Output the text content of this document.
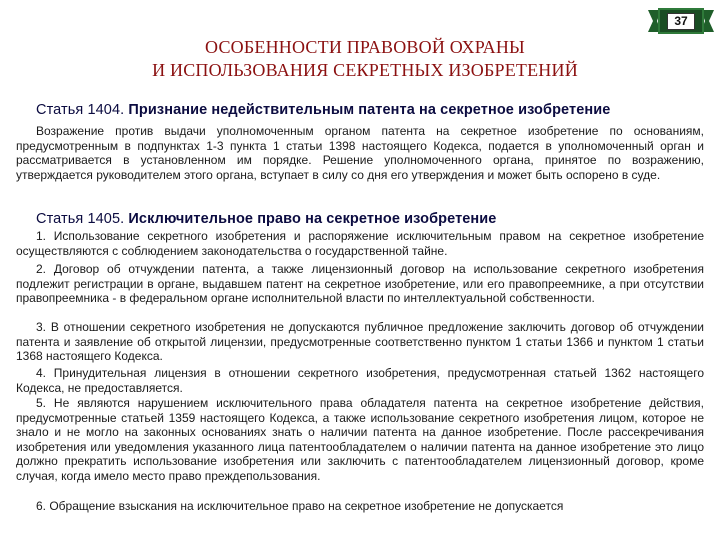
37
ОСОБЕННОСТИ ПРАВОВОЙ ОХРАНЫ
И ИСПОЛЬЗОВАНИЯ СЕКРЕТНЫХ ИЗОБРЕТЕНИЙ
Статья 1404. Признание недействительным патента на секретное изобретение

Возражение против выдачи уполномоченным органом патента на секретное изобретение по основаниям, предусмотренным в подпунктах 1-3 пункта 1 статьи 1398 настоящего Кодекса, подается в уполномоченный орган и рассматривается в установленном им порядке. Решение уполномоченного органа, принятое по возражению, утверждается руководителем этого органа, вступает в силу со дня его утверждения и может быть оспорено в суде.

Статья 1405. Исключительное право на секретное изобретение

1. Использование секретного изобретения и распоряжение исключительным правом на секретное изобретение осуществляются с соблюдением законодательства о государственной тайне.

2. Договор об отчуждении патента, а также лицензионный договор на использование секретного изобретения подлежит регистрации в органе, выдавшем патент на секретное изобретение, или его правопреемнике, а при отсутствии правопреемника - в федеральном органе исполнительной власти по интеллектуальной собственности.

3. В отношении секретного изобретения не допускаются публичное предложение заключить договор об отчуждении патента и заявление об открытой лицензии, предусмотренные соответственно пунктом 1 статьи 1366 и пунктом 1 статьи 1368 настоящего Кодекса.

4. Принудительная лицензия в отношении секретного изобретения, предусмотренная статьей 1362 настоящего Кодекса, не предоставляется.

5. Не являются нарушением исключительного права обладателя патента на секретное изобретение действия, предусмотренные статьей 1359 настоящего Кодекса, а также использование секретного изобретения лицом, которое не знало и не могло на законных основаниях знать о наличии патента на данное изобретение. После рассекречивания изобретения или уведомления указанного лица патентообладателем о наличии патента на данное изобретение это лицо должно прекратить использование изобретения или заключить с патентообладателем лицензионный договор, кроме случая, когда имело место право преждепользования.

6. Обращение взыскания на исключительное право на секретное изобретение не допускается
